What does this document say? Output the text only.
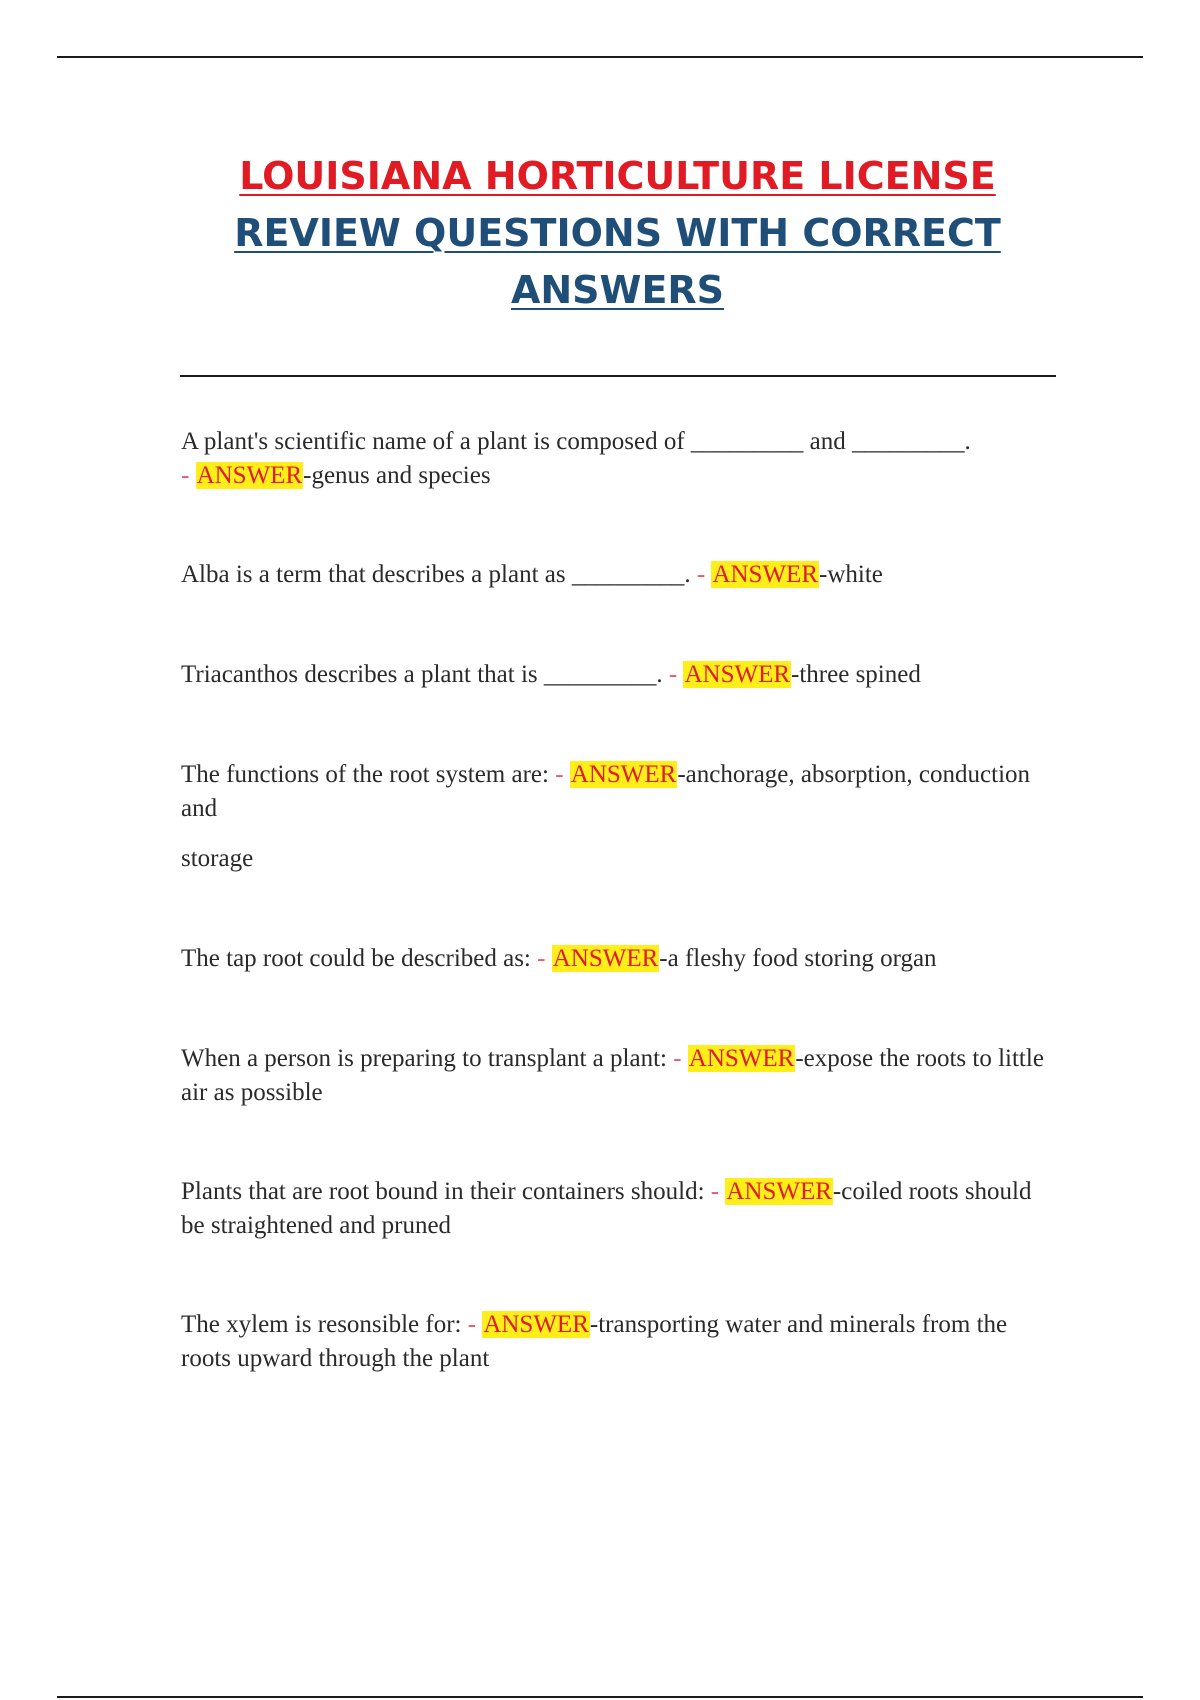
LOUISIANA HORTICULTURE LICENSE
REVIEW QUESTIONS WITH CORRECT
ANSWERS

A plant's scientific name of a plant is composed of _________ and _________.
- ANSWER-genus and species

Alba is a term that describes a plant as _________. - ANSWER-white

Triacanthos describes a plant that is _________. - ANSWER-three spined

The functions of the root system are: - ANSWER-anchorage, absorption, conduction and

storage

The tap root could be described as: - ANSWER-a fleshy food storing organ

When a person is preparing to transplant a plant: - ANSWER-expose the roots to little air as possible

Plants that are root bound in their containers should: - ANSWER-coiled roots should be straightened and pruned

The xylem is resonsible for: - ANSWER-transporting water and minerals from the roots upward through the plant
